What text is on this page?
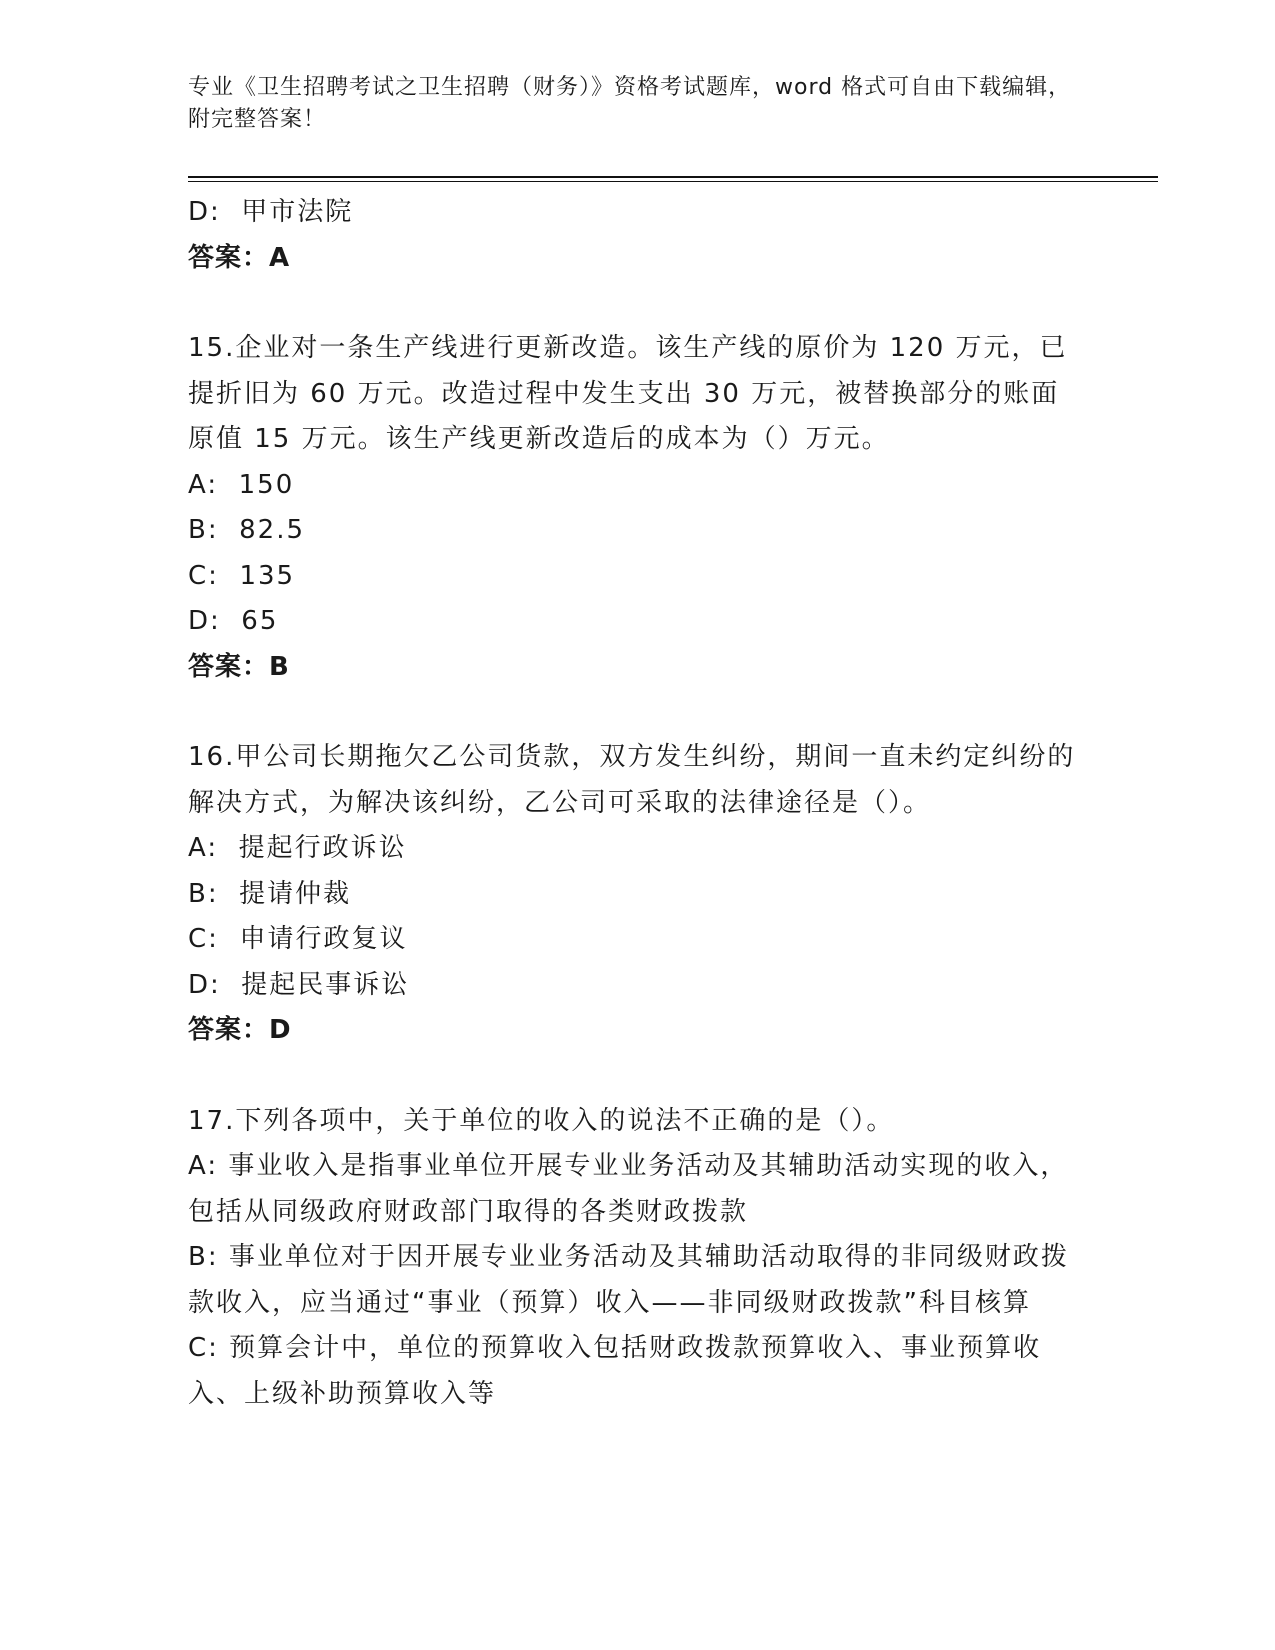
专业《卫生招聘考试之卫生招聘（财务）》资格考试题库，word 格式可自由下载编辑，附完整答案！
D:  甲市法院
答案：A
15.企业对一条生产线进行更新改造。该生产线的原价为 120 万元，已提折旧为 60 万元。改造过程中发生支出 30 万元，被替换部分的账面原值 15 万元。该生产线更新改造后的成本为（）万元。
A:  150
B:  82.5
C:  135
D:  65
答案：B
16.甲公司长期拖欠乙公司货款，双方发生纠纷，期间一直未约定纠纷的解决方式，为解决该纠纷，乙公司可采取的法律途径是（）。
A:  提起行政诉讼
B:  提请仲裁
C:  申请行政复议
D:  提起民事诉讼
答案：D
17.下列各项中，关于单位的收入的说法不正确的是（）。
A: 事业收入是指事业单位开展专业业务活动及其辅助活动实现的收入，包括从同级政府财政部门取得的各类财政拨款
B: 事业单位对于因开展专业业务活动及其辅助活动取得的非同级财政拨款收入，应当通过“事业（预算）收入——非同级财政拨款”科目核算
C: 预算会计中，单位的预算收入包括财政拨款预算收入、事业预算收入、上级补助预算收入等
